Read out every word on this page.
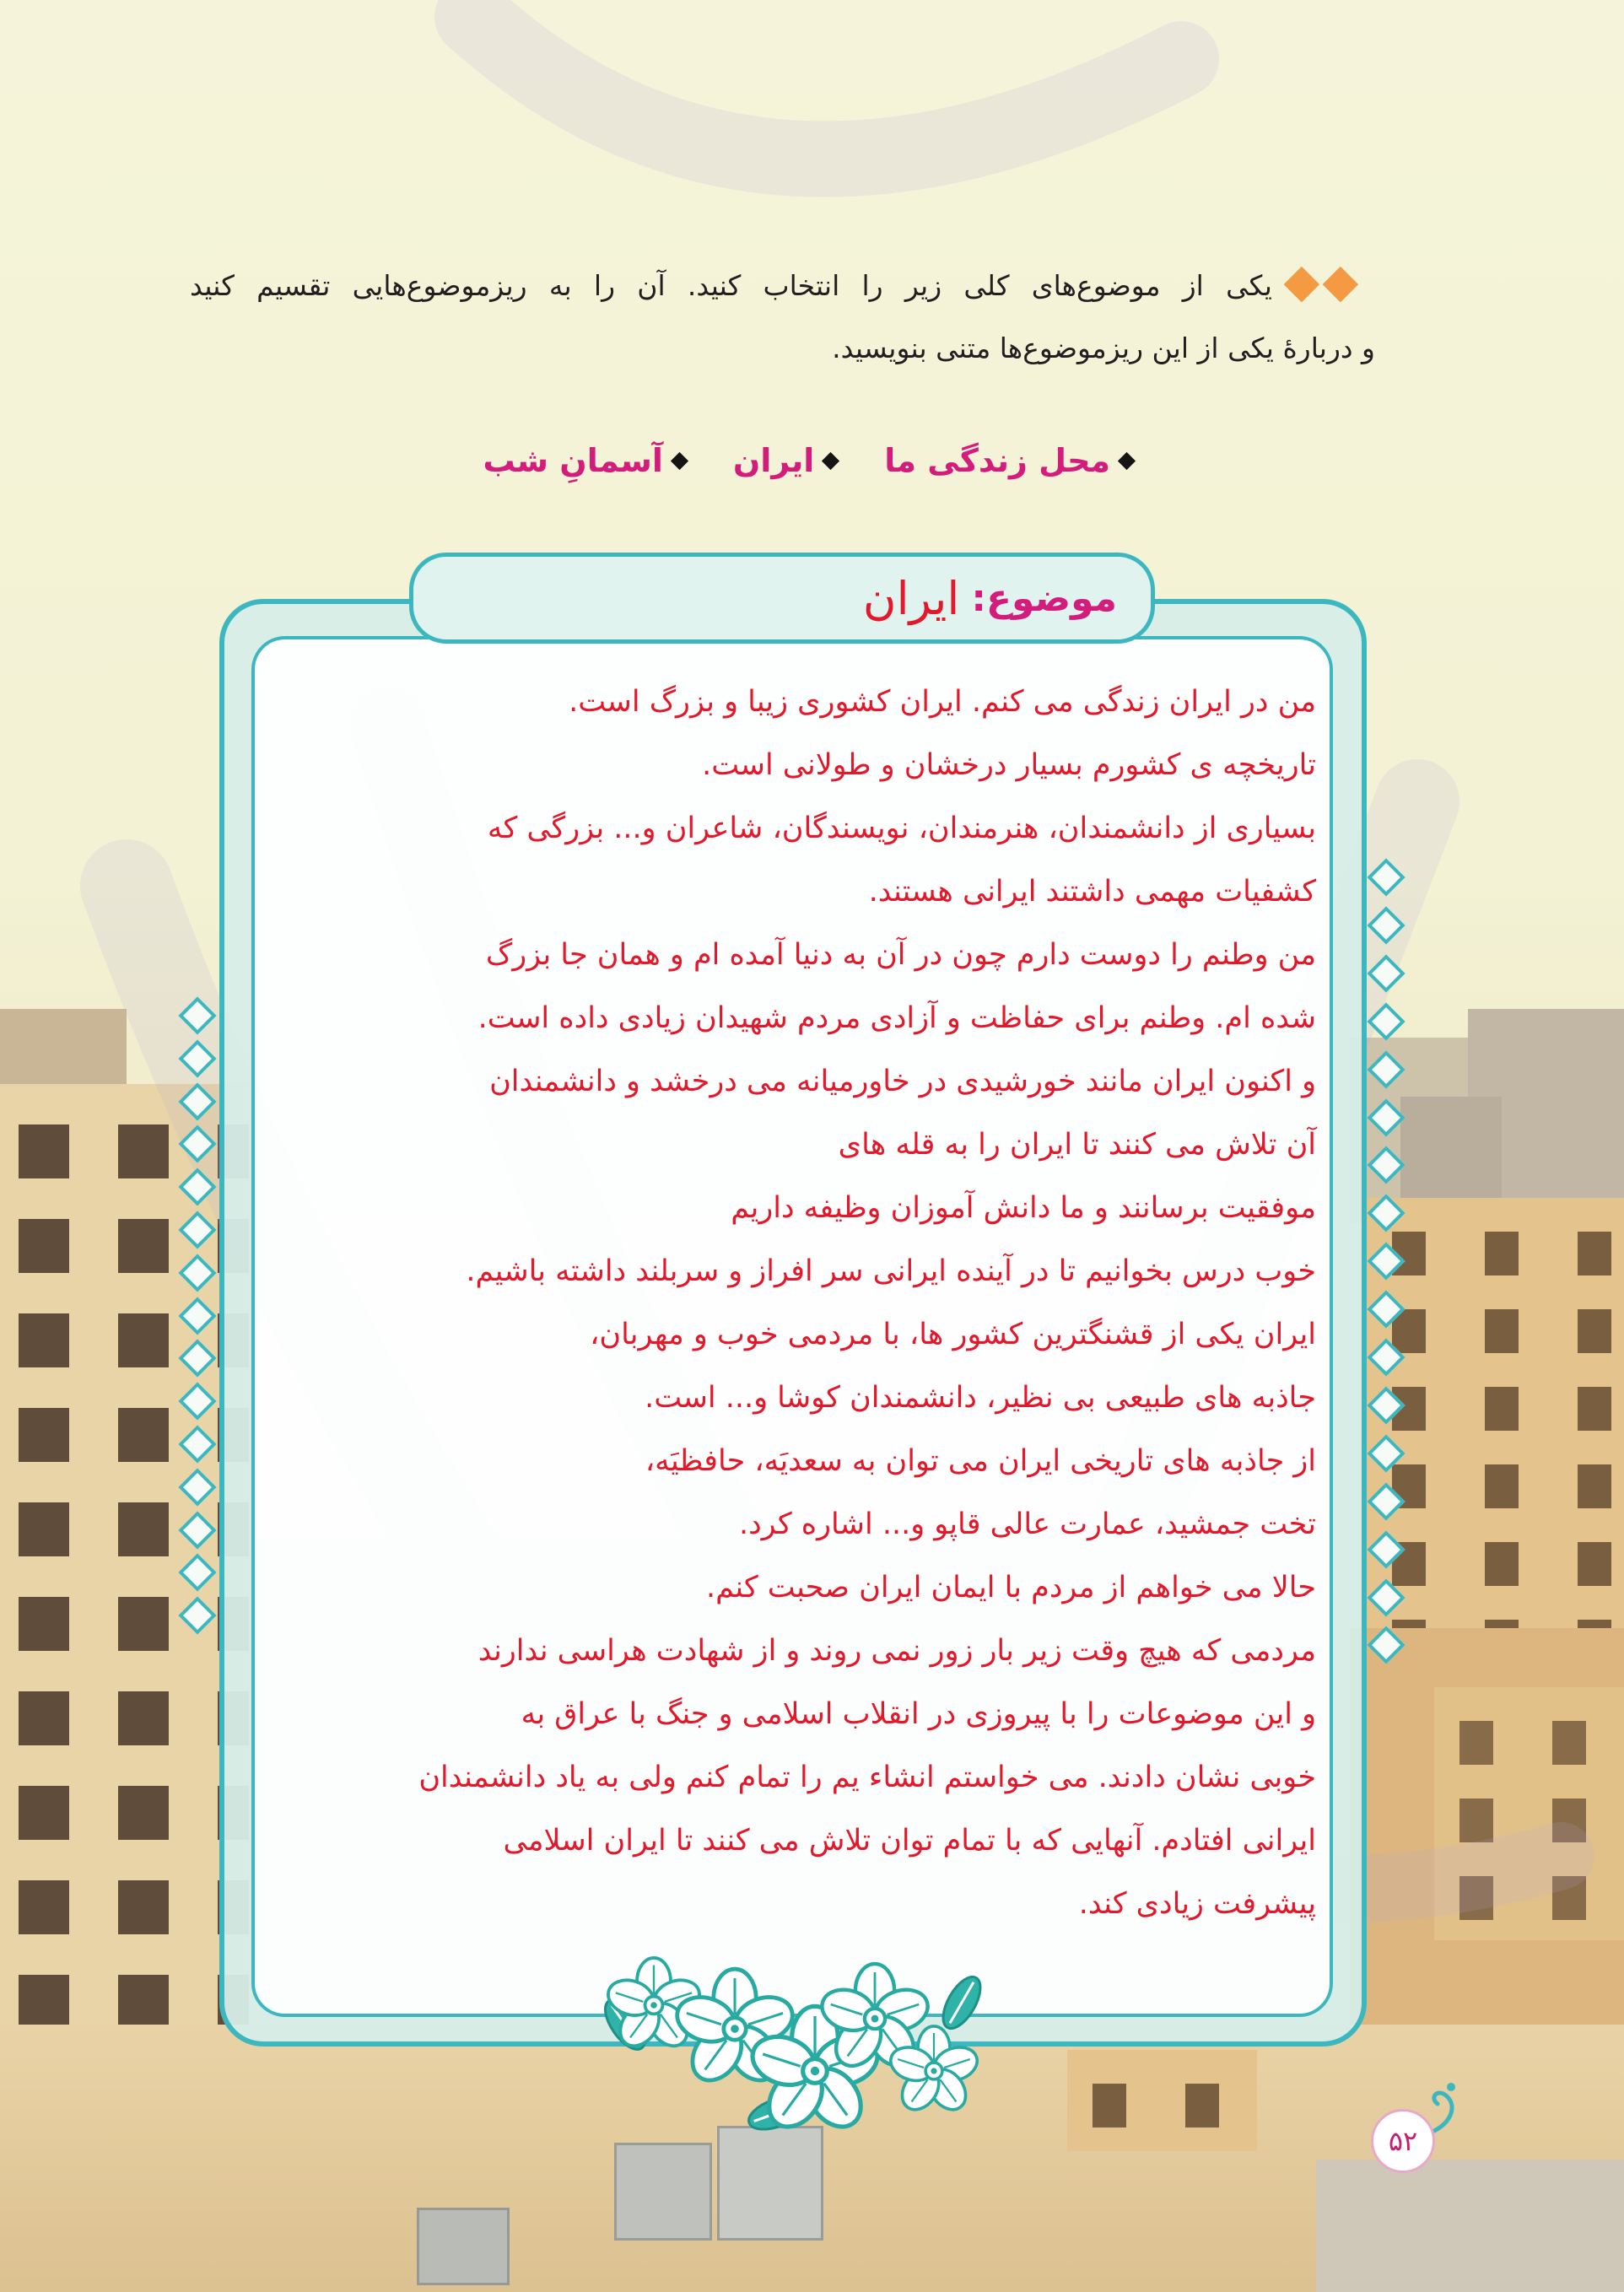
یکی از موضوع‌های کلی زیر را انتخاب کنید. آن را به ریزموضوع‌هایی تقسیم کنید
و دربارهٔ یکی از این ریزموضوع‌ها متنی بنویسید.
محل زندگی ما
ایران
آسمانِ شب
موضوع:
ایران
من در ایران زندگی می کنم. ایران کشوری زیبا و بزرگ است.
تاریخچه ی کشورم بسیار درخشان و طولانی است.
بسیاری از دانشمندان، هنرمندان، نویسندگان، شاعران و... بزرگی که
کشفیات مهمی داشتند ایرانی هستند.
من وطنم را دوست دارم چون در آن به دنیا آمده ام و همان جا بزرگ
شده ام. وطنم برای حفاظت و آزادی مردم شهیدان زیادی داده است.
و اکنون ایران مانند خورشیدی در خاورمیانه می درخشد و دانشمندان
آن تلاش می کنند تا ایران را به قله های
موفقیت برسانند و ما دانش آموزان وظیفه داریم
خوب درس بخوانیم تا در آینده ایرانی سر افراز و سربلند داشته باشیم.
ایران یکی از قشنگترین کشور ها، با مردمی خوب و مهربان،
جاذبه های طبیعی بی نظیر، دانشمندان کوشا و... است.
از جاذبه های تاریخی ایران می توان به سعدیَه، حافظیَه،
تخت جمشید، عمارت عالی قاپو و... اشاره کرد.
حالا می خواهم از مردم با ایمان ایران صحبت کنم.
مردمی که هیچ وقت زیر بار زور نمی روند و از شهادت هراسی ندارند
و این موضوعات را با پیروزی در انقلاب اسلامی و جنگ با عراق به
خوبی نشان دادند. می خواستم انشاء یم را تمام کنم ولی به یاد دانشمندان
ایرانی افتادم. آنهایی که با تمام توان تلاش می کنند تا ایران اسلامی
پیشرفت زیادی کند.
۵۲
